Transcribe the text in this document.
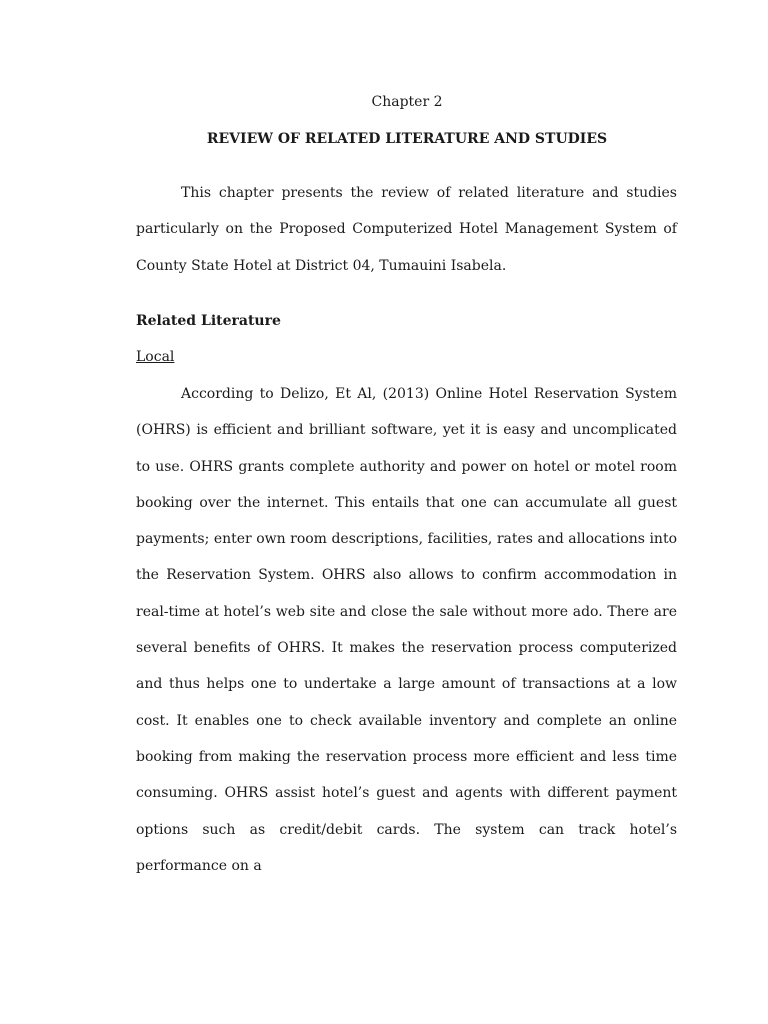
Chapter 2
REVIEW OF RELATED LITERATURE AND STUDIES

This chapter presents the review of related literature and studies particularly on the Proposed Computerized Hotel Management System of County State Hotel at District 04, Tumauini Isabela.

Related Literature
Local

According to Delizo, Et Al, (2013) Online Hotel Reservation System (OHRS) is efficient and brilliant software, yet it is easy and uncomplicated to use. OHRS grants complete authority and power on hotel or motel room booking over the internet. This entails that one can accumulate all guest payments; enter own room descriptions, facilities, rates and allocations into the Reservation System. OHRS also allows to confirm accommodation in real-time at hotel’s web site and close the sale without more ado. There are several benefits of OHRS. It makes the reservation process computerized and thus helps one to undertake a large amount of transactions at a low cost. It enables one to check available inventory and complete an online booking from making the reservation process more efficient and less time consuming. OHRS assist hotel’s guest and agents with different payment options such as credit/debit cards. The system can track hotel’s performance on a
